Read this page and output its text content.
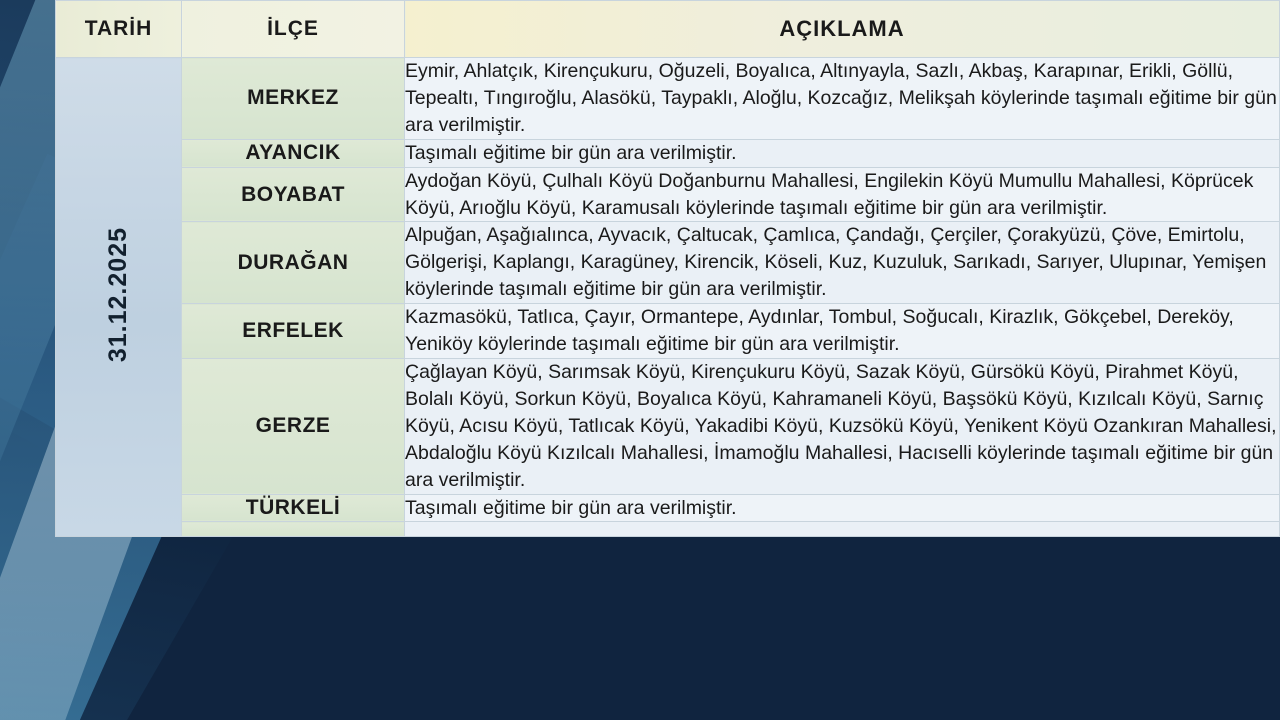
TARİH	İLÇE	AÇIKLAMA
31.12.2025	MERKEZ	Eymir, Ahlatçık, Kirençukuru, Oğuzeli, Boyalıca, Altınyayla, Sazlı, Akbaş, Karapınar, Erikli, Göllü, Tepealtı, Tıngıroğlu, Alasökü, Taypaklı, Aloğlu, Kozcağız, Melikşah köylerinde taşımalı eğitime bir gün ara verilmiştir.
	AYANCIK	Taşımalı eğitime bir gün ara verilmiştir.
	BOYABAT	Aydoğan Köyü, Çulhalı Köyü Doğanburnu Mahallesi, Engilekin Köyü Mumullu Mahallesi, Köprücek Köyü, Arıoğlu Köyü, Karamusalı köylerinde taşımalı eğitime bir gün ara verilmiştir.
	DURAĞAN	Alpuğan, Aşağıalınca, Ayvacık, Çaltucak, Çamlıca, Çandağı, Çerçiler, Çorakyüzü, Çöve, Emirtolu, Gölgerişi, Kaplangı, Karagüney, Kirencik, Köseli, Kuz, Kuzuluk, Sarıkadı, Sarıyer, Ulupınar, Yemişen köylerinde taşımalı eğitime bir gün ara verilmiştir.
	ERFELEK	Kazmasökü, Tatlıca, Çayır, Ormantepe, Aydınlar, Tombul, Soğucalı, Kirazlık, Gökçebel, Dereköy, Yeniköy köylerinde taşımalı eğitime bir gün ara verilmiştir.
	GERZE	Çağlayan Köyü, Sarımsak Köyü, Kirençukuru Köyü, Sazak Köyü, Gürsökü Köyü, Pirahmet Köyü, Bolalı Köyü, Sorkun Köyü, Boyalıca Köyü, Kahramaneli Köyü, Başsökü Köyü, Kızılcalı Köyü, Sarnıç Köyü, Acısu Köyü, Tatlıcak Köyü, Yakadibi Köyü, Kuzsökü Köyü, Yenikent Köyü Ozankıran Mahallesi, Abdaloğlu Köyü Kızılcalı Mahallesi, İmamoğlu Mahallesi, Hacıselli köylerinde taşımalı eğitime bir gün ara verilmiştir.
	TÜRKELİ	Taşımalı eğitime bir gün ara verilmiştir.
